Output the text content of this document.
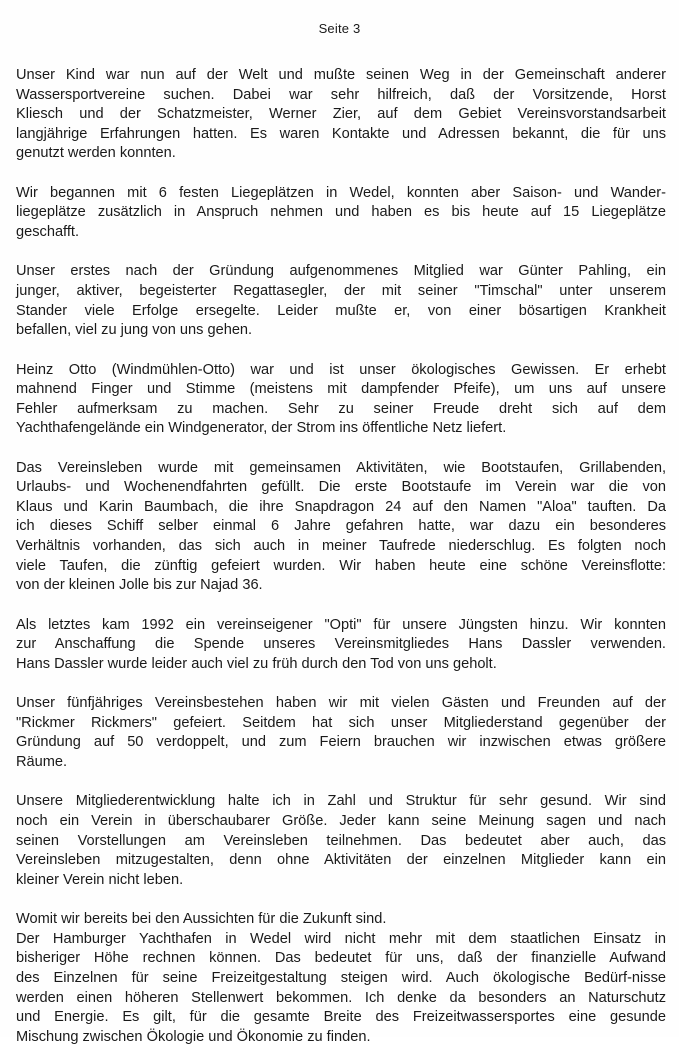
Seite 3

Unser Kind war nun auf der Welt und mußte seinen Weg in der Gemeinschaft anderer
Wassersportvereine suchen. Dabei war sehr hilfreich, daß der Vorsitzende, Horst
Kliesch und der Schatzmeister, Werner Zier, auf dem Gebiet Vereinsvorstandsarbeit
langjährige Erfahrungen hatten. Es waren Kontakte und Adressen bekannt, die für uns
genutzt werden konnten.

Wir begannen mit 6 festen Liegeplätzen in Wedel, konnten aber Saison- und Wander-
liegeplätze zusätzlich in Anspruch nehmen und haben es bis heute auf 15 Liegeplätze
geschafft.

Unser erstes nach der Gründung aufgenommenes Mitglied war Günter Pahling, ein
junger, aktiver, begeisterter Regattasegler, der mit seiner "Timschal" unter unserem
Stander viele Erfolge ersegelte. Leider mußte er, von einer bösartigen Krankheit
befallen, viel zu jung von uns gehen.

Heinz Otto (Windmühlen-Otto) war und ist unser ökologisches Gewissen. Er erhebt
mahnend Finger und Stimme (meistens mit dampfender Pfeife), um uns auf unsere
Fehler aufmerksam zu machen. Sehr zu seiner Freude dreht sich auf dem
Yachthafengelände ein Windgenerator, der Strom ins öffentliche Netz liefert.

Das Vereinsleben wurde mit gemeinsamen Aktivitäten, wie Bootstaufen, Grillabenden,
Urlaubs- und Wochenendfahrten gefüllt. Die erste Bootstaufe im Verein war die von
Klaus und Karin Baumbach, die ihre Snapdragon 24 auf den Namen "Aloa" tauften. Da
ich dieses Schiff selber einmal 6 Jahre gefahren hatte, war dazu ein besonderes
Verhältnis vorhanden, das sich auch in meiner Taufrede niederschlug. Es folgten noch
viele Taufen, die zünftig gefeiert wurden. Wir haben heute eine schöne Vereinsflotte:
von der kleinen Jolle bis zur Najad 36.

Als letztes kam 1992 ein vereinseigener "Opti" für unsere Jüngsten hinzu. Wir konnten
zur Anschaffung die Spende unseres Vereinsmitgliedes Hans Dassler verwenden.
Hans Dassler wurde leider auch viel zu früh durch den Tod von uns geholt.

Unser fünfjähriges Vereinsbestehen haben wir mit vielen Gästen und Freunden auf der
"Rickmer Rickmers" gefeiert. Seitdem hat sich unser Mitgliederstand gegenüber der
Gründung auf 50 verdoppelt, und zum Feiern brauchen wir inzwischen etwas größere
Räume.

Unsere Mitgliederentwicklung halte ich in Zahl und Struktur für sehr gesund. Wir sind
noch ein Verein in überschaubarer Größe. Jeder kann seine Meinung sagen und nach
seinen Vorstellungen am Vereinsleben teilnehmen. Das bedeutet aber auch, das
Vereinsleben mitzugestalten, denn ohne Aktivitäten der einzelnen Mitglieder kann ein
kleiner Verein nicht leben.

Womit wir bereits bei den Aussichten für die Zukunft sind.
Der Hamburger Yachthafen in Wedel wird nicht mehr mit dem staatlichen Einsatz in
bisheriger Höhe rechnen können. Das bedeutet für uns, daß der finanzielle Aufwand
des Einzelnen für seine Freizeitgestaltung steigen wird. Auch ökologische Bedürf-nisse
werden einen höheren Stellenwert bekommen. Ich denke da besonders an Naturschutz
und Energie. Es gilt, für die gesamte Breite des Freizeitwassersportes eine gesunde
Mischung zwischen Ökologie und Ökonomie zu finden.
